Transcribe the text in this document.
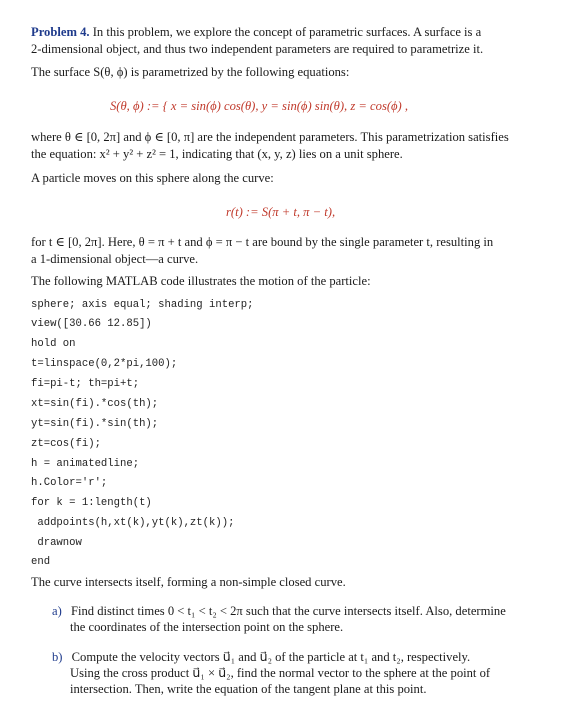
Problem 4. In this problem, we explore the concept of parametric surfaces. A surface is a
2-dimensional object, and thus two independent parameters are required to parametrize it.
The surface S(θ, ϕ) is parametrized by the following equations:
S(θ, ϕ) := { x = sin(ϕ) cos(θ), y = sin(ϕ) sin(θ), z = cos(ϕ) ,
where θ ∈ [0, 2π] and ϕ ∈ [0, π] are the independent parameters. This parametrization satisfies
the equation: x² + y² + z² = 1, indicating that (x, y, z) lies on a unit sphere.
A particle moves on this sphere along the curve:
r(t) := S(π + t, π − t),
for t ∈ [0, 2π]. Here, θ = π + t and ϕ = π − t are bound by the single parameter t, resulting in
a 1-dimensional object—a curve.
The following MATLAB code illustrates the motion of the particle:
sphere; axis equal; shading interp;
view([30.66 12.85])
hold on
t=linspace(0,2*pi,100);
fi=pi-t; th=pi+t;
xt=sin(fi).*cos(th);
yt=sin(fi).*sin(th);
zt=cos(fi);
h = animatedline;
h.Color='r';
for k = 1:length(t)
addpoints(h,xt(k),yt(k),zt(k));
drawnow
end
The curve intersects itself, forming a non-simple closed curve.
a) Find distinct times 0 < t₁ < t₂ < 2π such that the curve intersects itself. Also, determine
the coordinates of the intersection point on the sphere.
b) Compute the velocity vectors u⃗₁ and u⃗₂ of the particle at t₁ and t₂, respectively.
Using the cross product u⃗₁ × u⃗₂, find the normal vector to the sphere at the point of
intersection. Then, write the equation of the tangent plane at this point.
